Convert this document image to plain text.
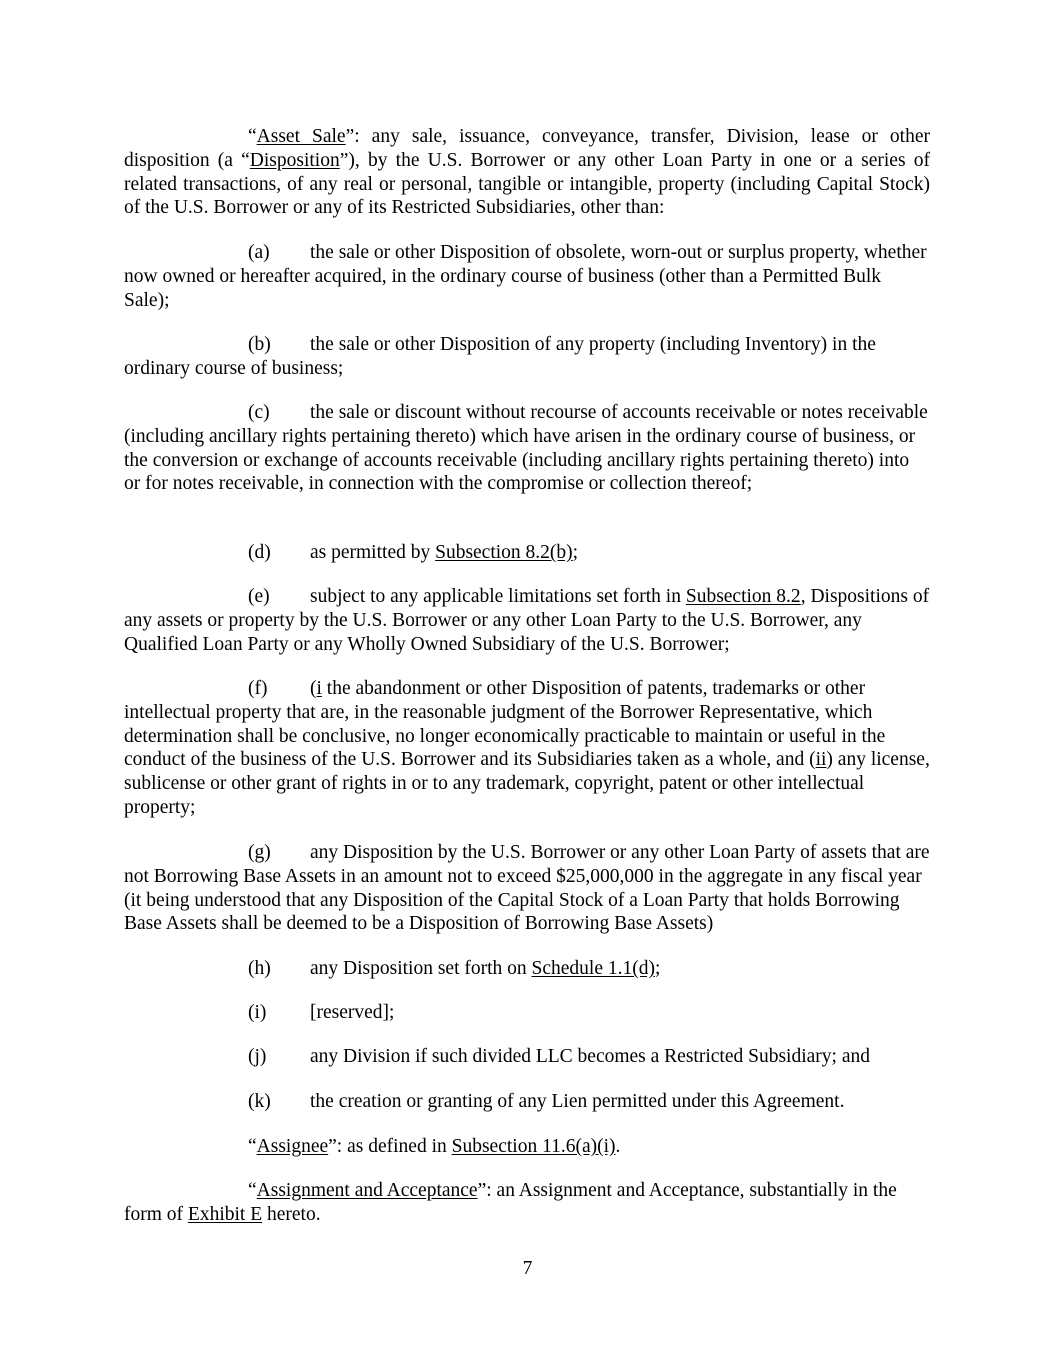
“Asset Sale”: any sale, issuance, conveyance, transfer, Division, lease or other disposition (a “Disposition”), by the U.S. Borrower or any other Loan Party in one or a series of related transactions, of any real or personal, tangible or intangible, property (including Capital Stock) of the U.S. Borrower or any of its Restricted Subsidiaries, other than:

(a) the sale or other Disposition of obsolete, worn-out or surplus property, whether now owned or hereafter acquired, in the ordinary course of business (other than a Permitted Bulk Sale);

(b) the sale or other Disposition of any property (including Inventory) in the ordinary course of business;

(c) the sale or discount without recourse of accounts receivable or notes receivable (including ancillary rights pertaining thereto) which have arisen in the ordinary course of business, or the conversion or exchange of accounts receivable (including ancillary rights pertaining thereto) into or for notes receivable, in connection with the compromise or collection thereof;

(d) as permitted by Subsection 8.2(b);

(e) subject to any applicable limitations set forth in Subsection 8.2, Dispositions of any assets or property by the U.S. Borrower or any other Loan Party to the U.S. Borrower, any Qualified Loan Party or any Wholly Owned Subsidiary of the U.S. Borrower;

(f) (i the abandonment or other Disposition of patents, trademarks or other intellectual property that are, in the reasonable judgment of the Borrower Representative, which determination shall be conclusive, no longer economically practicable to maintain or useful in the conduct of the business of the U.S. Borrower and its Subsidiaries taken as a whole, and (ii) any license, sublicense or other grant of rights in or to any trademark, copyright, patent or other intellectual property;

(g) any Disposition by the U.S. Borrower or any other Loan Party of assets that are not Borrowing Base Assets in an amount not to exceed $25,000,000 in the aggregate in any fiscal year (it being understood that any Disposition of the Capital Stock of a Loan Party that holds Borrowing Base Assets shall be deemed to be a Disposition of Borrowing Base Assets)

(h) any Disposition set forth on Schedule 1.1(d);

(i) [reserved];

(j) any Division if such divided LLC becomes a Restricted Subsidiary; and

(k) the creation or granting of any Lien permitted under this Agreement.

“Assignee”: as defined in Subsection 11.6(a)(i).

“Assignment and Acceptance”: an Assignment and Acceptance, substantially in the form of Exhibit E hereto.

7
